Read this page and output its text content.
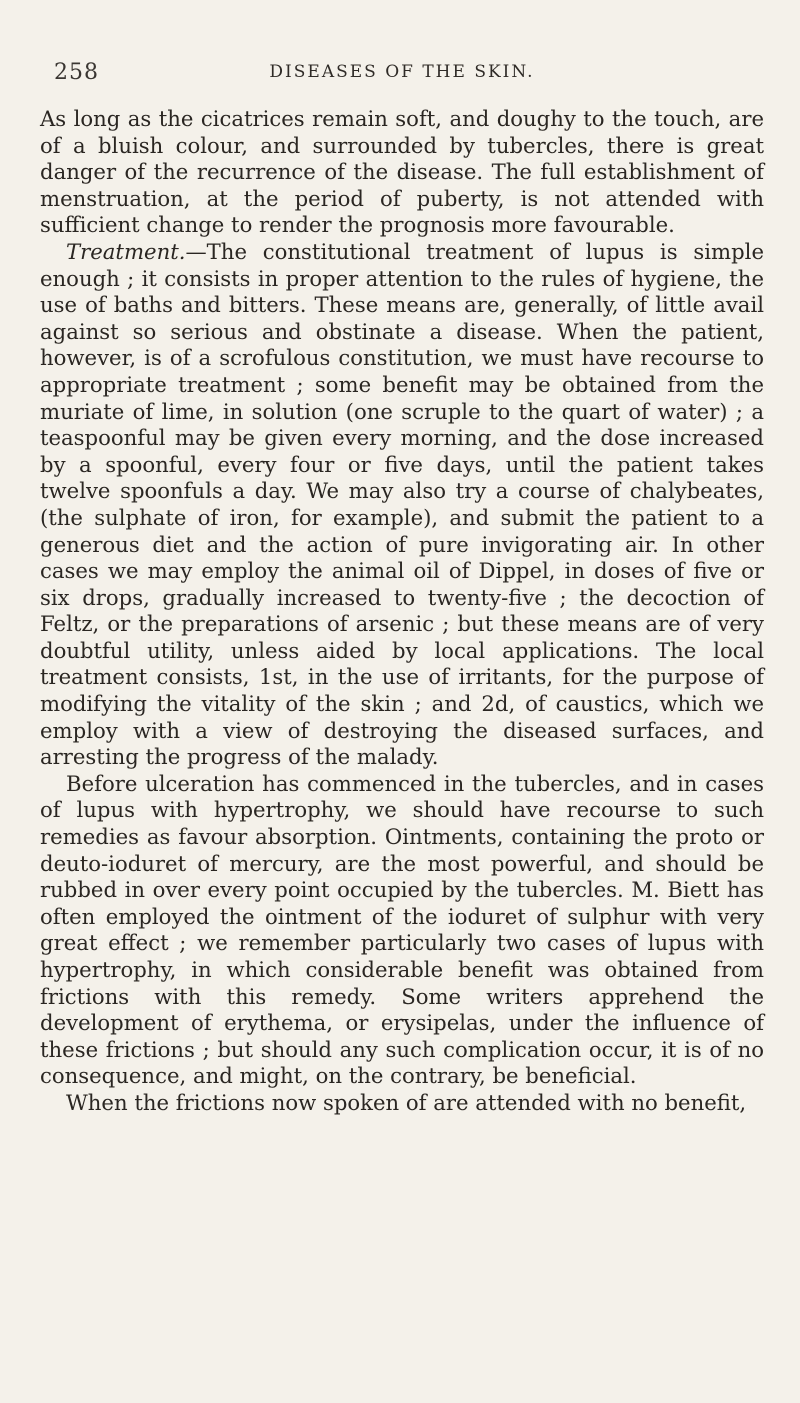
258	DISEASES OF THE SKIN.

As long as the cicatrices remain soft, and doughy to the touch, are of a bluish colour, and surrounded by tubercles, there is great danger of the recurrence of the disease. The full establishment of menstruation, at the period of puberty, is not attended with sufficient change to render the prognosis more favourable.

Treatment.—The constitutional treatment of lupus is simple enough ; it consists in proper attention to the rules of hygiene, the use of baths and bitters. These means are, generally, of little avail against so serious and obstinate a disease. When the patient, however, is of a scrofulous constitution, we must have recourse to appropriate treatment ; some benefit may be obtained from the muriate of lime, in solution (one scruple to the quart of water) ; a teaspoonful may be given every morning, and the dose increased by a spoonful, every four or five days, until the patient takes twelve spoonfuls a day. We may also try a course of chalybeates, (the sulphate of iron, for example), and submit the patient to a generous diet and the action of pure invigorating air. In other cases we may employ the animal oil of Dippel, in doses of five or six drops, gradually increased to twenty-five ; the decoction of Feltz, or the preparations of arsenic ; but these means are of very doubtful utility, unless aided by local applications. The local treatment consists, 1st, in the use of irritants, for the purpose of modifying the vitality of the skin ; and 2d, of caustics, which we employ with a view of destroying the diseased surfaces, and arresting the progress of the malady.

Before ulceration has commenced in the tubercles, and in cases of lupus with hypertrophy, we should have recourse to such remedies as favour absorption. Ointments, containing the proto or deuto-ioduret of mercury, are the most powerful, and should be rubbed in over every point occupied by the tubercles. M. Biett has often employed the ointment of the ioduret of sulphur with very great effect ; we remember particularly two cases of lupus with hypertrophy, in which considerable benefit was obtained from frictions with this remedy. Some writers apprehend the development of erythema, or erysipelas, under the influence of these frictions ; but should any such complication occur, it is of no consequence, and might, on the contrary, be beneficial.

When the frictions now spoken of are attended with no benefit,
